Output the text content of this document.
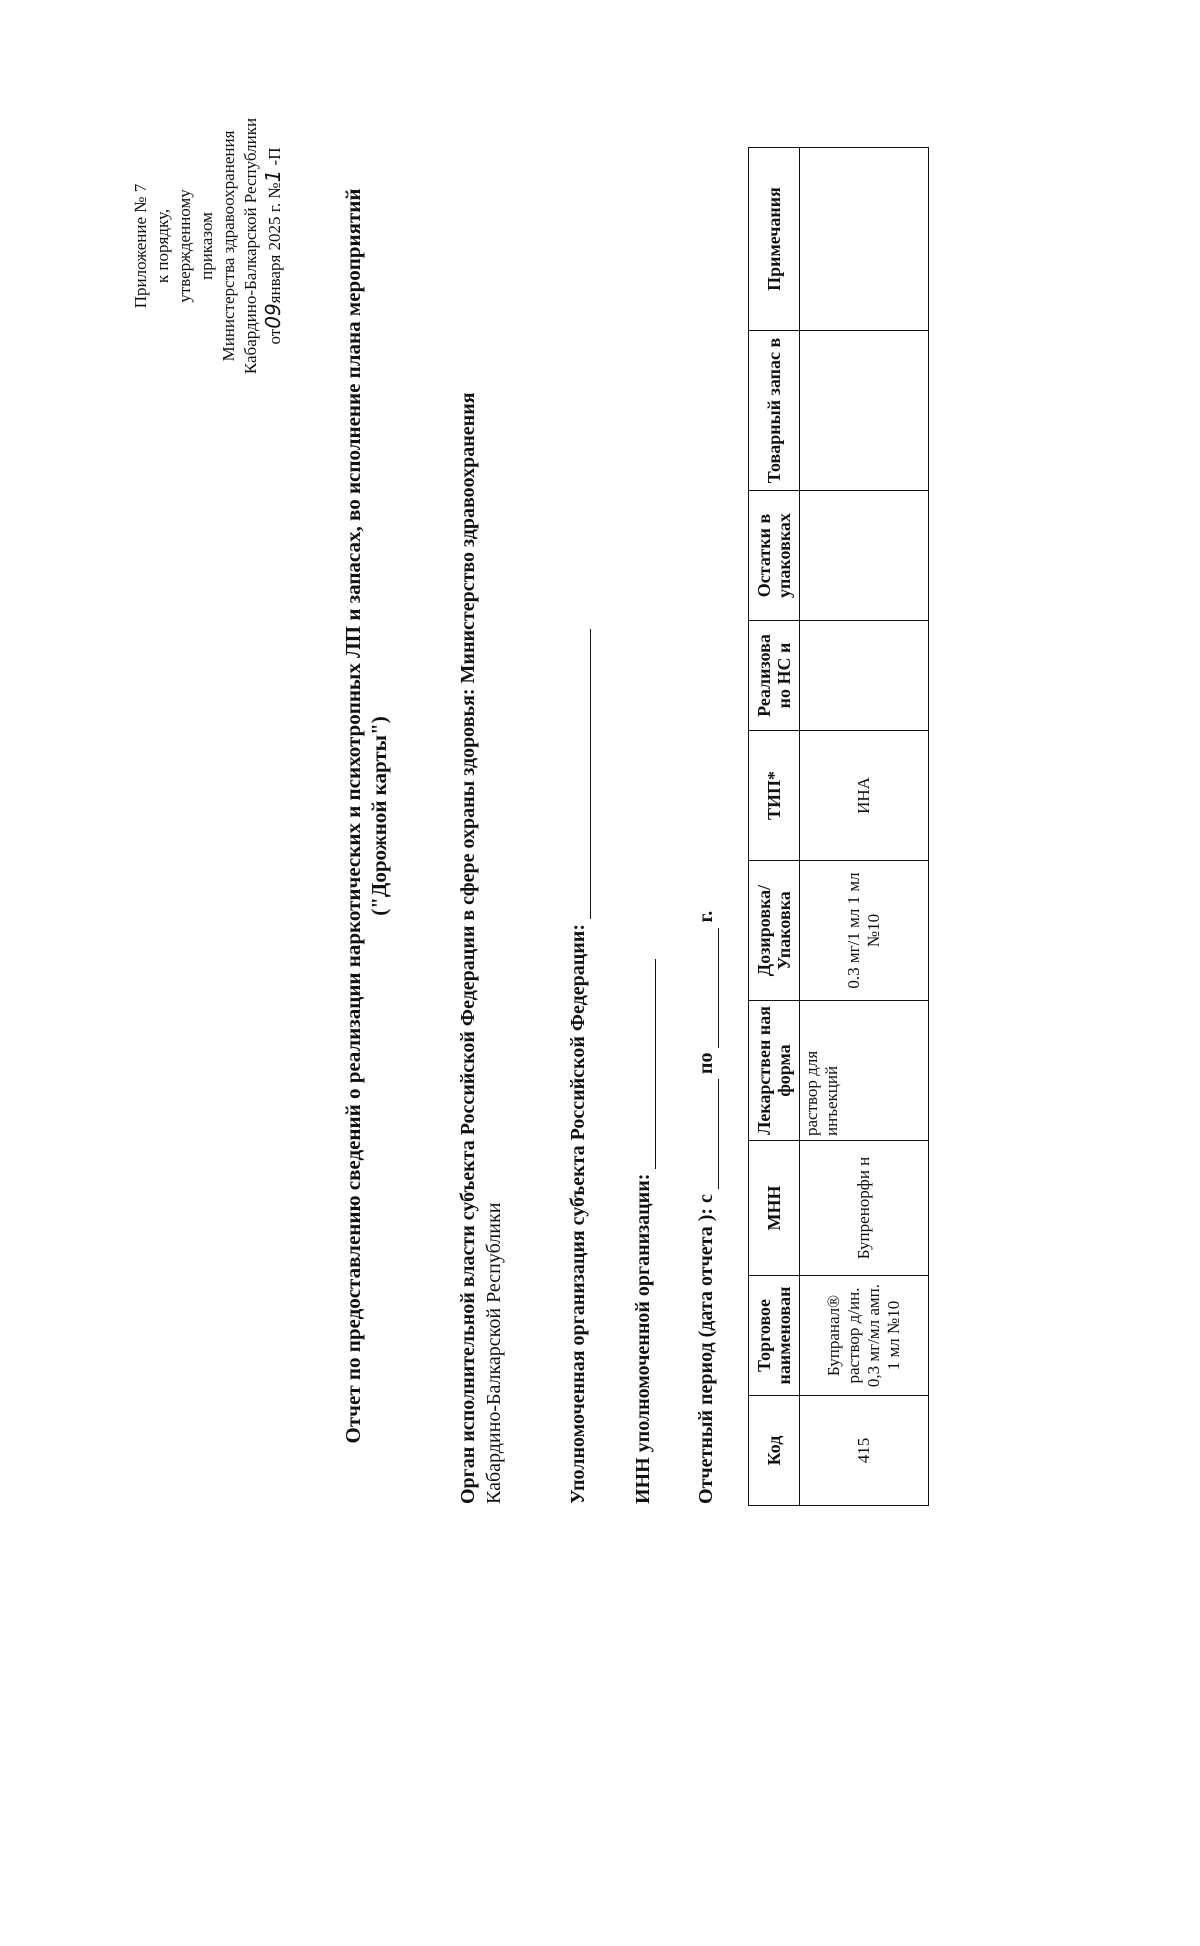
Приложение № 7 к порядку, утвержденному приказом Министерства здравоохранения Кабардино-Балкарской Республики от09января 2025 г. №1 -П
Отчет по предоставлению сведений о реализации наркотических и психотропных ЛП и запасах, во исполнение плана мероприятий ("Дорожной карты")	Орган исполнительной власти субъекта Российской Федерации в сфере охраны здоровья: Министерство здравоохранения Кабардино-Балкарской Республики	Уполномоченная организация субъекта Российской Федерации: ИНН уполномоченной организации: Отчетный период (дата отчета ): с  по  г.
Код	Торговое наименован	МНН	Лекарствен ная форма	Дозировка/ Упаковка	ТИП*	Реализова но НС и	Остатки в упаковках	Товарный запас в	Примечания
415	Бупранал® раствор д/ин. 0,3 мг/мл амп. 1 мл №10	Бупренорфи н	раствор для инъекций	0.3 мг/1 мл 1 мл №10	ИНА				
